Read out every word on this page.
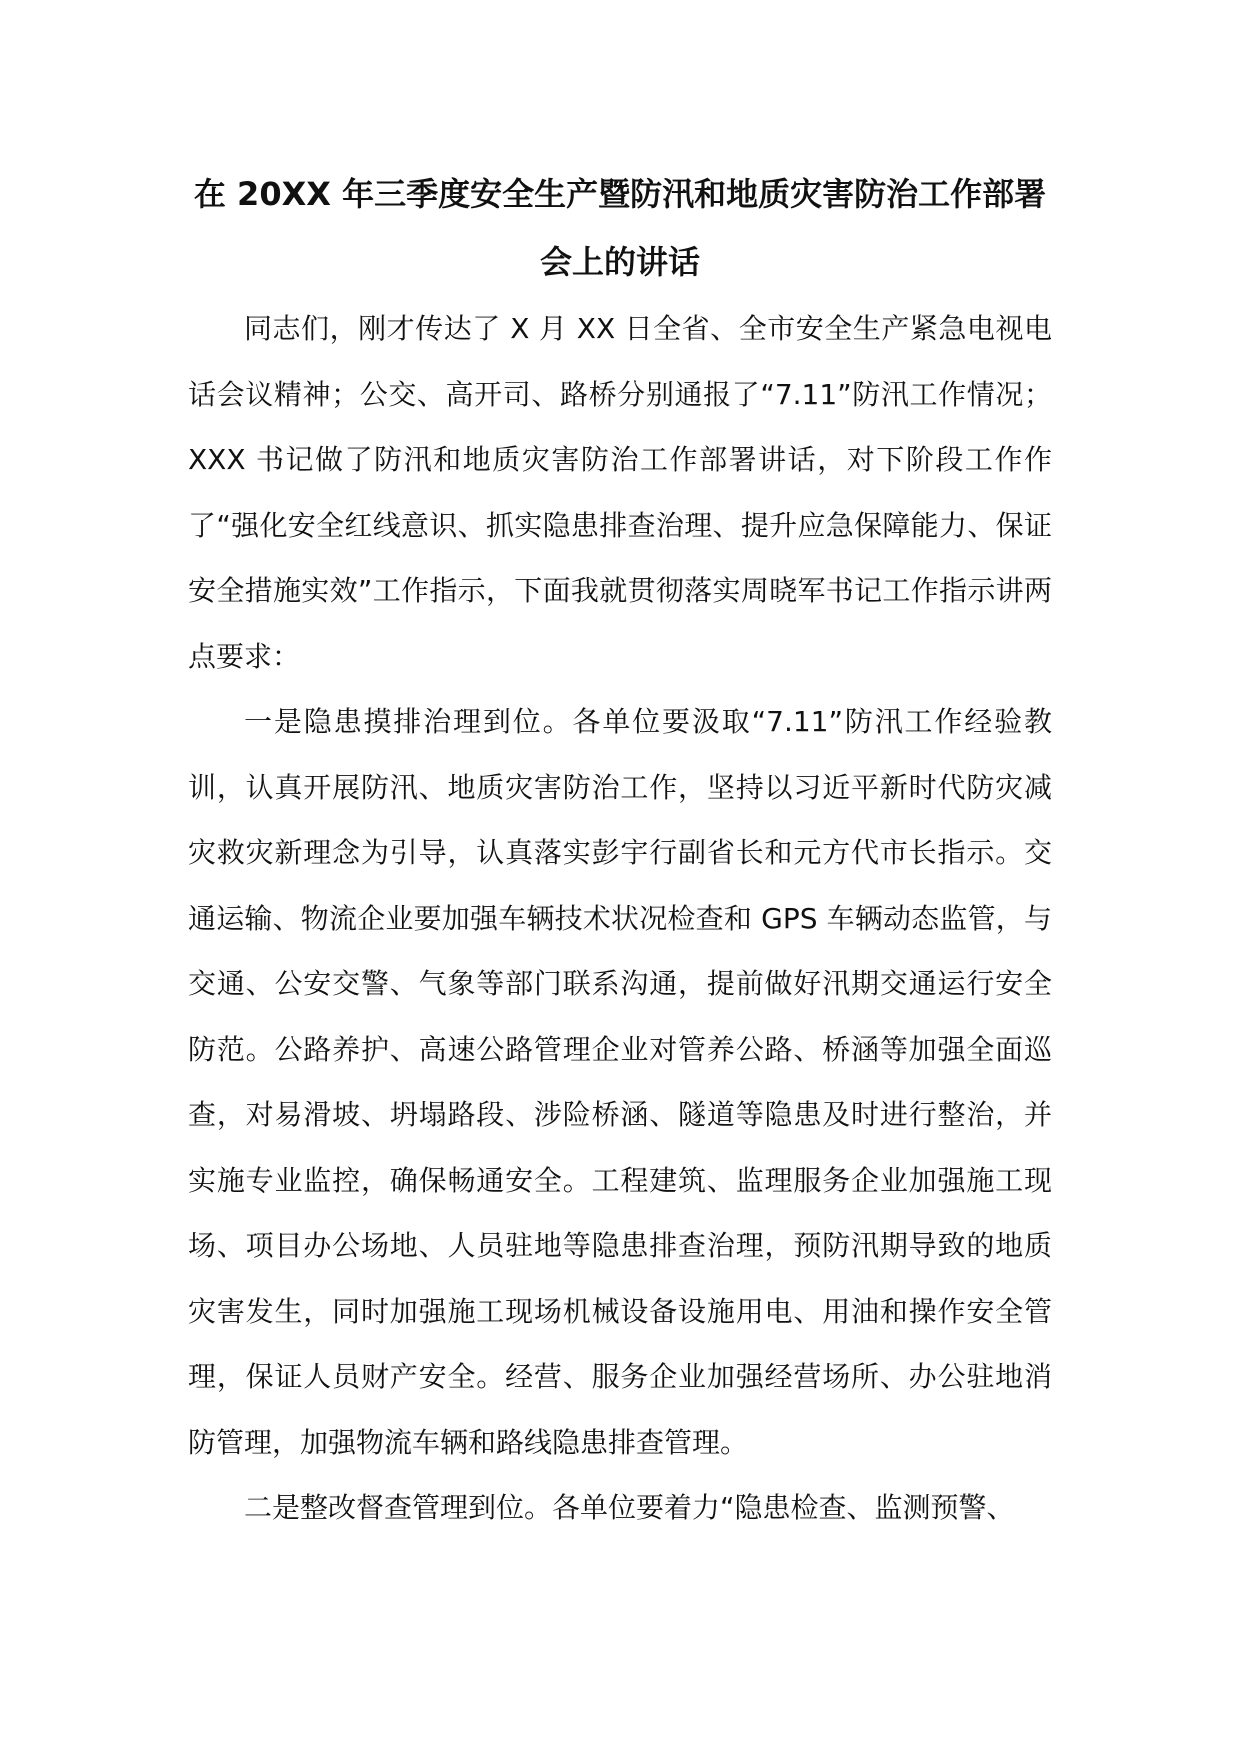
在 20XX 年三季度安全生产暨防汛和地质灾害防治工作部署会上的讲话

同志们，刚才传达了 X 月 XX 日全省、全市安全生产紧急电视电话会议精神；公交、高开司、路桥分别通报了“7.11”防汛工作情况；XXX 书记做了防汛和地质灾害防治工作部署讲话，对下阶段工作作了“强化安全红线意识、抓实隐患排查治理、提升应急保障能力、保证安全措施实效”工作指示，下面我就贯彻落实周晓军书记工作指示讲两点要求：

一是隐患摸排治理到位。各单位要汲取“7.11”防汛工作经验教训，认真开展防汛、地质灾害防治工作，坚持以习近平新时代防灾减灾救灾新理念为引导，认真落实彭宇行副省长和元方代市长指示。交通运输、物流企业要加强车辆技术状况检查和 GPS 车辆动态监管，与交通、公安交警、气象等部门联系沟通，提前做好汛期交通运行安全防范。公路养护、高速公路管理企业对管养公路、桥涵等加强全面巡查，对易滑坡、坍塌路段、涉险桥涵、隧道等隐患及时进行整治，并实施专业监控，确保畅通安全。工程建筑、监理服务企业加强施工现场、项目办公场地、人员驻地等隐患排查治理，预防汛期导致的地质灾害发生，同时加强施工现场机械设备设施用电、用油和操作安全管理，保证人员财产安全。经营、服务企业加强经营场所、办公驻地消防管理，加强物流车辆和路线隐患排查管理。

二是整改督查管理到位。各单位要着力“隐患检查、监测预警、
